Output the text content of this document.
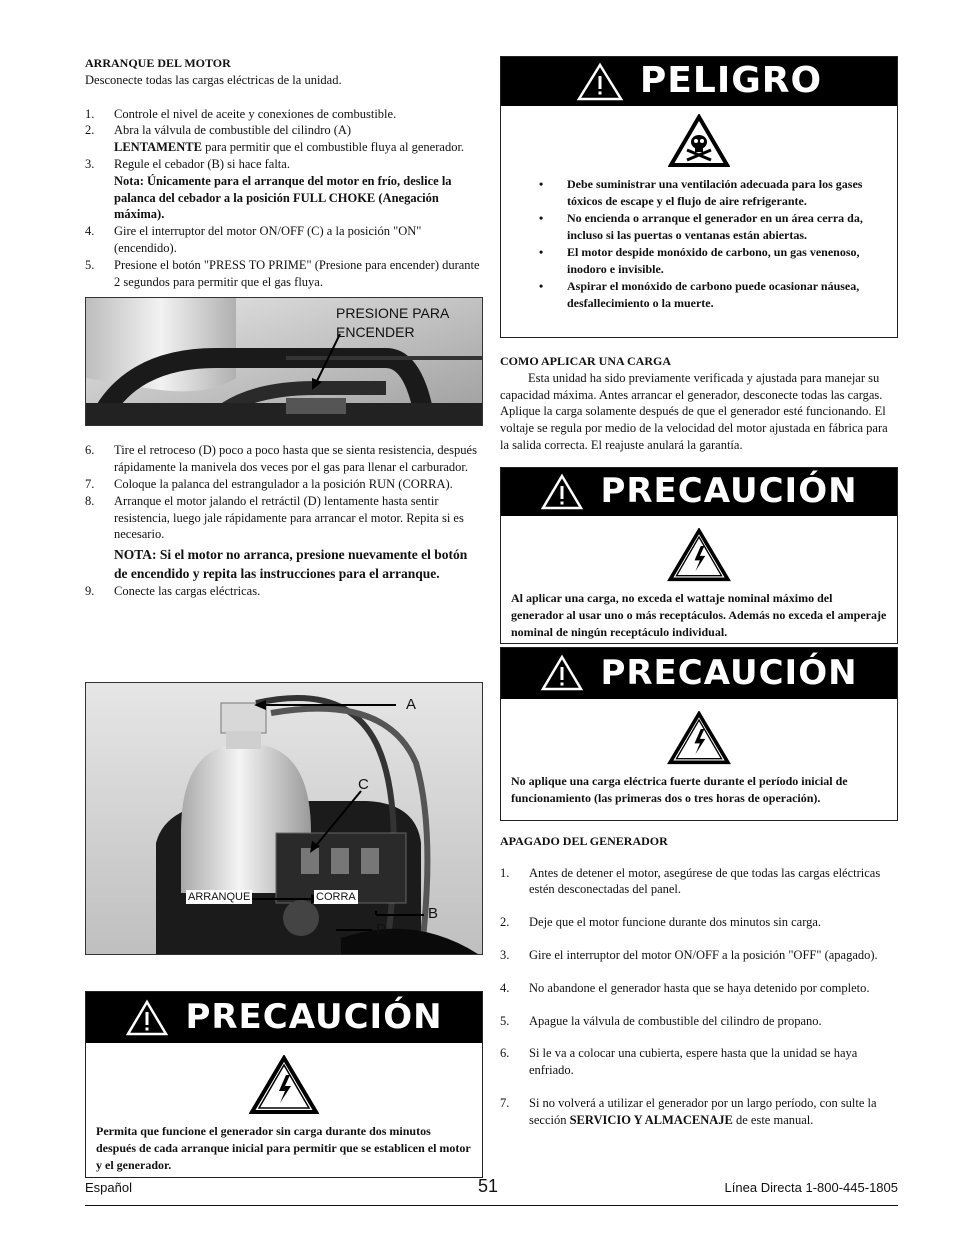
ARRANQUE DEL MOTOR
Desconecte todas las cargas eléctricas de la unidad.
1. Controle el nivel de aceite y conexiones de combustible.
2. Abra la válvula de combustible del cilindro (A)
LENTAMENTE para permitir que el combustible fluya al generador.
3. Regule el cebador (B) si hace falta.
Nota: Únicamente para el arranque del motor en frío, deslice la palanca del cebador a la posición FULL CHOKE (Anegación máxima).
4. Gire el interruptor del motor ON/OFF (C) a la posición "ON" (encendido).
5. Presione el botón "PRESS TO PRIME" (Presione para encender) durante 2 segundos para permitir que el gas fluya.
PRESIONE PARA ENCENDER
6. Tire el retroceso (D) poco a poco hasta que se sienta resistencia, después rápidamente la manivela dos veces por el gas para llenar el carburador.
7. Coloque la palanca del estrangulador a la posición RUN (CORRA).
8. Arranque el motor jalando el retráctil (D) lentamente hasta sentir resistencia, luego jale rápidamente para arrancar el motor. Repita si es necesario.
NOTA: Si el motor no arranca, presione nuevamente el botón de encendido y repita las instrucciones para el arranque.
9. Conecte las cargas eléctricas.
A
C
B
D
ARRANQUE	CORRA
PRECAUCIÓN
Permita que funcione el generador sin carga durante dos minutos después de cada arranque inicial para permitir que se establicen el motor y el generador.
PELIGRO
• Debe suministrar una ventilación adecuada para los gases tóxicos de escape y el flujo de aire refrigerante.
• No encienda o arranque el generador en un área cerra da, incluso si las puertas o ventanas están abiertas.
• El motor despide monóxido de carbono, un gas venenoso, inodoro e invisible.
• Aspirar el monóxido de carbono puede ocasionar náusea, desfallecimiento o la muerte.
COMO APLICAR UNA CARGA
Esta unidad ha sido previamente verificada y ajustada para manejar su capacidad máxima. Antes arrancar el generador, desconecte todas las cargas. Aplique la carga solamente después de que el generador esté funcionando. El voltaje se regula por medio de la velocidad del motor ajustada en fábrica para la salida correcta. El reajuste anulará la garantía.
PRECAUCIÓN
Al aplicar una carga, no exceda el wattaje nominal máximo del generador al usar uno o más receptáculos. Además no exceda el amperaje nominal de ningún receptáculo individual.
PRECAUCIÓN
No aplique una carga eléctrica fuerte durante el período inicial de funcionamiento (las primeras dos o tres horas de operación).
APAGADO DEL GENERADOR
1. Antes de detener el motor, asegúrese de que todas las cargas eléctricas estén desconectadas del panel.
2. Deje que el motor funcione durante dos minutos sin carga.
3. Gire el interruptor del motor ON/OFF a la posición "OFF" (apagado).
4. No abandone el generador hasta que se haya detenido por completo.
5. Apague la válvula de combustible del cilindro de propano.
6. Si le va a colocar una cubierta, espere hasta que la unidad se haya enfriado.
7. Si no volverá a utilizar el generador por un largo período, con sulte la sección SERVICIO Y ALMACENAJE de este manual.
Español	51	Línea Directa 1-800-445-1805
